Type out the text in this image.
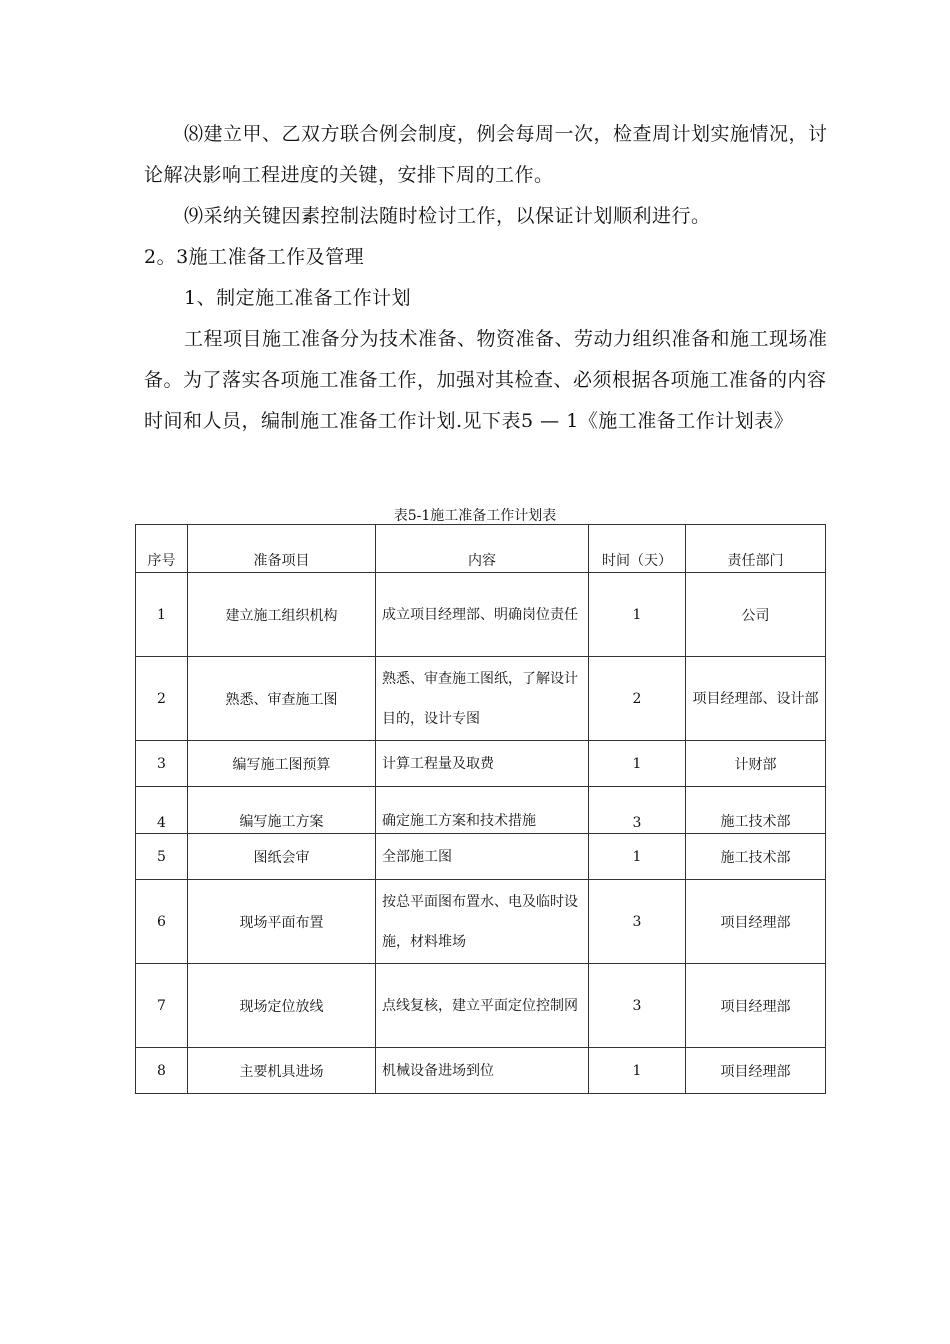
⑻建立甲、乙双方联合例会制度，例会每周一次，检查周计划实施情况，讨论解决影响工程进度的关键，安排下周的工作。

⑼采纳关键因素控制法随时检讨工作，以保证计划顺利进行。

2。3施工准备工作及管理

1、制定施工准备工作计划

工程项目施工准备分为技术准备、物资准备、劳动力组织准备和施工现场准备。为了落实各项施工准备工作，加强对其检查、必须根据各项施工准备的内容时间和人员，编制施工准备工作计划.见下表5 — 1《施工准备工作计划表》

表5-1施工准备工作计划表
序号	准备项目	内容	时间（天）	责任部门
1	建立施工组织机构	成立项目经理部、明确岗位责任	1	公司
2	熟悉、审查施工图	熟悉、审查施工图纸，了解设计目的，设计专图	2	项目经理部、设计部
3	编写施工图预算	计算工程量及取费	1	计财部
4	编写施工方案	确定施工方案和技术措施	3	施工技术部
5	图纸会审	全部施工图	1	施工技术部
6	现场平面布置	按总平面图布置水、电及临时设施，材料堆场	3	项目经理部
7	现场定位放线	点线复核，建立平面定位控制网	3	项目经理部
8	主要机具进场	机械设备进场到位	1	项目经理部
